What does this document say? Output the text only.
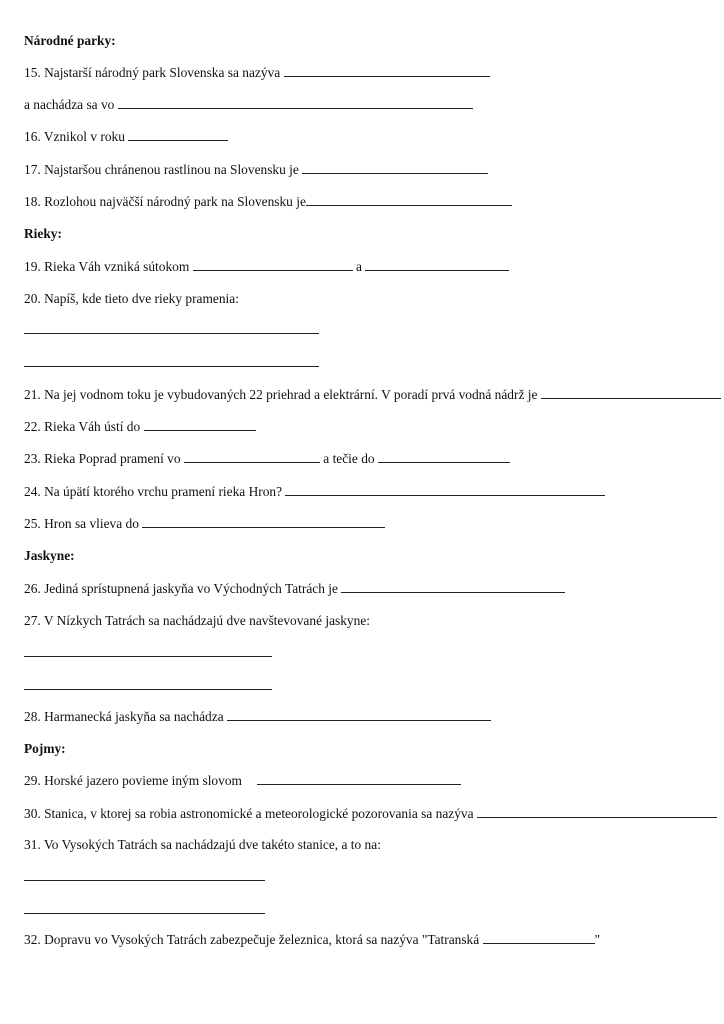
Národné parky:
15. Najstarší národný park Slovenska sa nazýva
a nachádza sa vo
16. Vznikol v roku
17. Najstaršou chránenou rastlinou na Slovensku je
18. Rozlohou najväčší národný park na Slovensku je
Rieky:
19. Rieka Váh vzniká sútokom	a
20. Napíš, kde tieto dve rieky pramenia:
21. Na jej vodnom toku je vybudovaných 22 priehrad a elektrární. V poradí prvá vodná nádrž je
22. Rieka Váh ústí do
23. Rieka Poprad pramení vo	a tečie do
24. Na úpätí ktorého vrchu pramení rieka Hron?
25. Hron sa vlieva do
Jaskyne:
26. Jediná sprístupnená jaskyňa vo Východných Tatrách je
27. V Nízkych Tatrách sa nachádzajú dve navštevované jaskyne:
28. Harmanecká jaskyňa sa nachádza
Pojmy:
29. Horské jazero povieme iným slovom
30. Stanica, v ktorej sa robia astronomické a meteorologické pozorovania sa nazýva
31. Vo Vysokých Tatrách sa nachádzajú dve takéto stanice, a to na:
32. Dopravu vo Vysokých Tatrách zabezpečuje železnica, ktorá sa nazýva "Tatranská	"
